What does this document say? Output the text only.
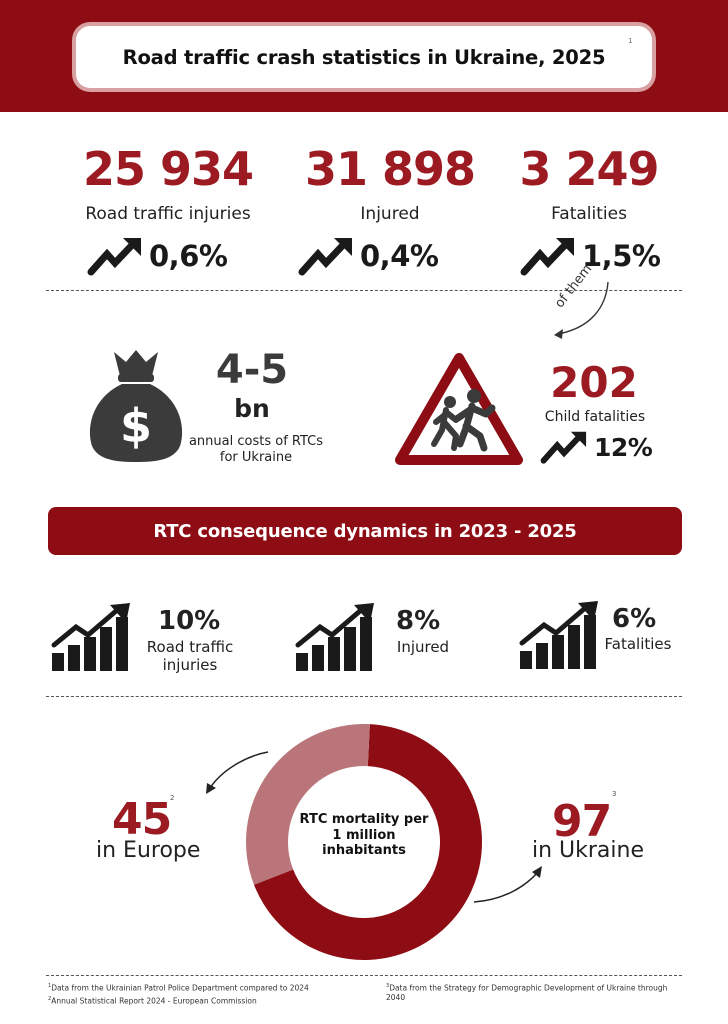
Road traffic crash statistics in Ukraine, 2025
1
25 934
Road traffic injuries
0,6%
31 898
Injured
0,4%
3 249
Fatalities
1,5%
$
4-5
bn
annual costs of RTCs for Ukraine
of them
202
Child fatalities
12%
RTC consequence dynamics in 2023 - 2025
10%
Road traffic injuries
8%
Injured
6%
Fatalities
RTC mortality per 1 million inhabitants
45
2
in Europe
97
3
in Ukraine
$^1$Data from the Ukrainian Patrol Police Department compared to 2024
$^2$Annual Statistical Report 2024 - European Commission
$^3$Data from the Strategy for Demographic Development of Ukraine through 2040
